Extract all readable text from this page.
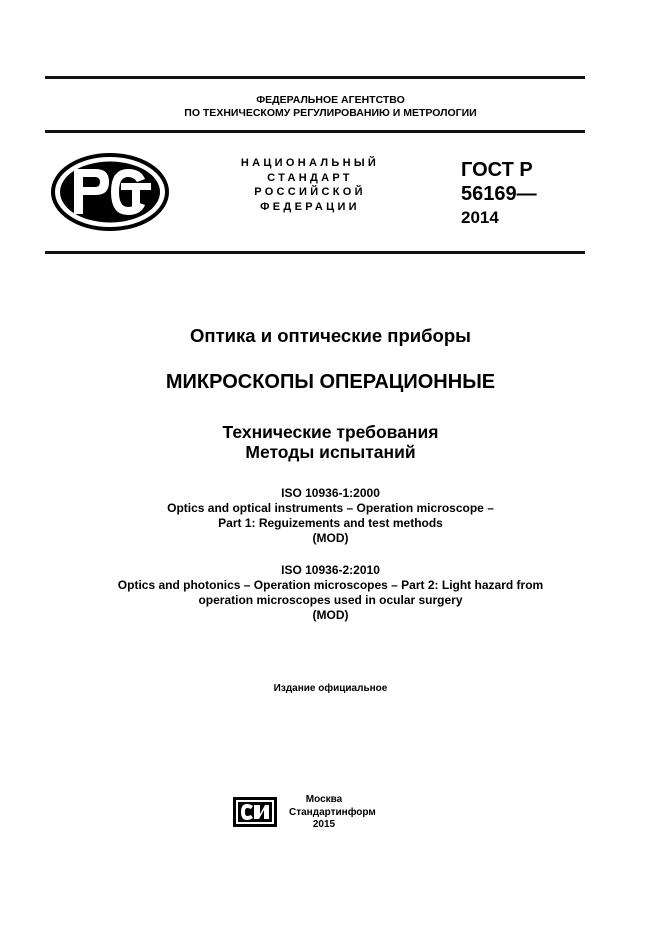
ФЕДЕРАЛЬНОЕ АГЕНТСТВО
ПО ТЕХНИЧЕСКОМУ РЕГУЛИРОВАНИЮ И МЕТРОЛОГИИ
НАЦИОНАЛЬНЫЙ
СТАНДАРТ
РОССИЙСКОЙ
ФЕДЕРАЦИИ
ГОСТ Р
56169—
2014
Оптика и оптические приборы
МИКРОСКОПЫ ОПЕРАЦИОННЫЕ
Технические требования
Методы испытаний
ISO 10936-1:2000
Optics and optical instruments – Operation microscope –
Part 1: Reguizements and test methods
(MOD)
ISO 10936-2:2010
Optics and photonics – Operation microscopes – Part 2: Light hazard from
operation microscopes used in ocular surgery
(MOD)
Издание официальное
Москва
Стандартинформ
2015
